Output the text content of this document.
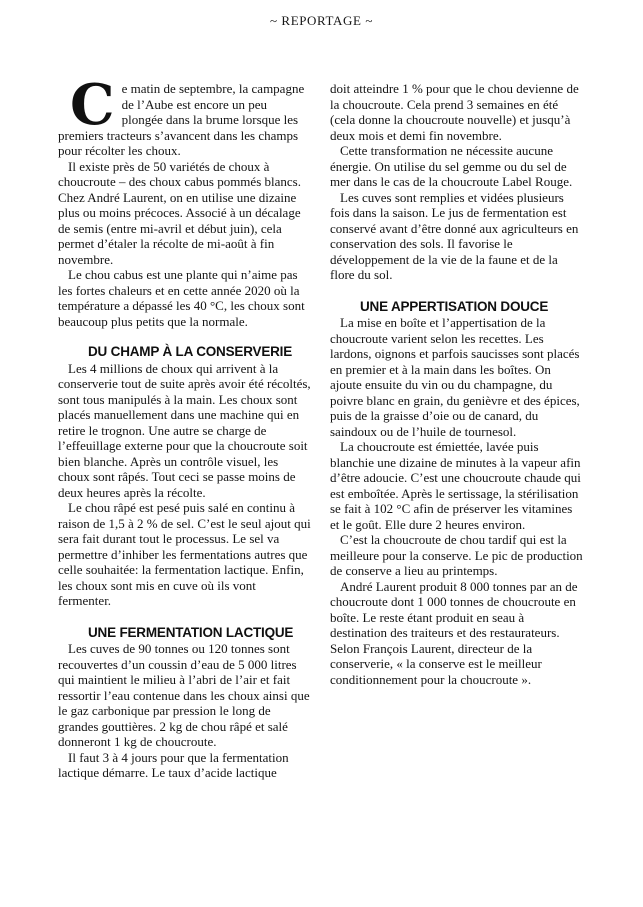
~ REPORTAGE ~

Ce matin de septembre, la campagne de l’Aube est encore un peu plongée dans la brume lorsque les premiers tracteurs s’avancent dans les champs pour récolter les choux.

Il existe près de 50 variétés de choux à choucroute – des choux cabus pommés blancs. Chez André Laurent, on en utilise une dizaine plus ou moins précoces. Associé à un décalage de semis (entre mi-avril et début juin), cela permet d’étaler la récolte de mi-août à fin novembre.

Le chou cabus est une plante qui n’aime pas les fortes chaleurs et en cette année 2020 où la température a dépassé les 40 °C, les choux sont beaucoup plus petits que la normale.

DU CHAMP À LA CONSERVERIE

Les 4 millions de choux qui arrivent à la conserverie tout de suite après avoir été récoltés, sont tous manipulés à la main. Les choux sont placés manuellement dans une machine qui en retire le trognon. Une autre se charge de l’effeuillage externe pour que la choucroute soit bien blanche. Après un contrôle visuel, les choux sont râpés. Tout ceci se passe moins de deux heures après la récolte.

Le chou râpé est pesé puis salé en continu à raison de 1,5 à 2 % de sel. C’est le seul ajout qui sera fait durant tout le processus. Le sel va permettre d’inhiber les fermentations autres que celle souhaitée: la fermentation lactique. Enfin, les choux sont mis en cuve où ils vont fermenter.

UNE FERMENTATION LACTIQUE

Les cuves de 90 tonnes ou 120 tonnes sont recouvertes d’un coussin d’eau de 5 000 litres qui maintient le milieu à l’abri de l’air et fait ressortir l’eau contenue dans les choux ainsi que le gaz carbonique par pression le long de grandes gouttières. 2 kg de chou râpé et salé donneront 1 kg de choucroute.

Il faut 3 à 4 jours pour que la fermentation lactique démarre. Le taux d’acide lactique

doit atteindre 1 % pour que le chou devienne de la choucroute. Cela prend 3 semaines en été (cela donne la choucroute nouvelle) et jusqu’à deux mois et demi fin novembre.

Cette transformation ne nécessite aucune énergie. On utilise du sel gemme ou du sel de mer dans le cas de la choucroute Label Rouge.

Les cuves sont remplies et vidées plusieurs fois dans la saison. Le jus de fermentation est conservé avant d’être donné aux agriculteurs en conservation des sols. Il favorise le développement de la vie de la faune et de la flore du sol.

UNE APPERTISATION DOUCE

La mise en boîte et l’appertisation de la choucroute varient selon les recettes. Les lardons, oignons et parfois saucisses sont placés en premier et à la main dans les boîtes. On ajoute ensuite du vin ou du champagne, du poivre blanc en grain, du genièvre et des épices, puis de la graisse d’oie ou de canard, du saindoux ou de l’huile de tournesol.

La choucroute est émiettée, lavée puis blanchie une dizaine de minutes à la vapeur afin d’être adoucie. C’est une choucroute chaude qui est emboîtée. Après le sertissage, la stérilisation se fait à 102 °C afin de préserver les vitamines et le goût. Elle dure 2 heures environ.

C’est la choucroute de chou tardif qui est la meilleure pour la conserve. Le pic de production de conserve a lieu au printemps.

André Laurent produit 8 000 tonnes par an de choucroute dont 1 000 tonnes de choucroute en boîte. Le reste étant produit en seau à destination des traiteurs et des restaurateurs. Selon François Laurent, directeur de la conserverie, « la conserve est le meilleur conditionnement pour la choucroute ».
